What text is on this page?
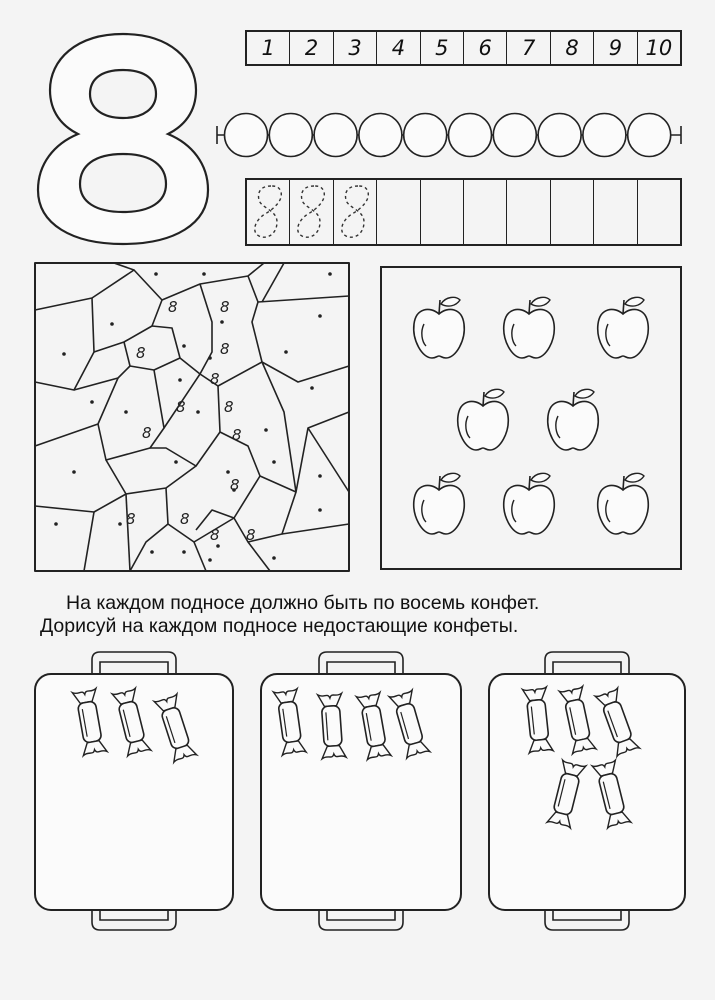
1	2	3	4	5	6	7	8	9	10
8	8
8	8
8
8	8
8	8
8
8	8
8 8
На каждом подносе должно быть по восемь конфет.
Дорисуй на каждом подносе недостающие конфеты.
